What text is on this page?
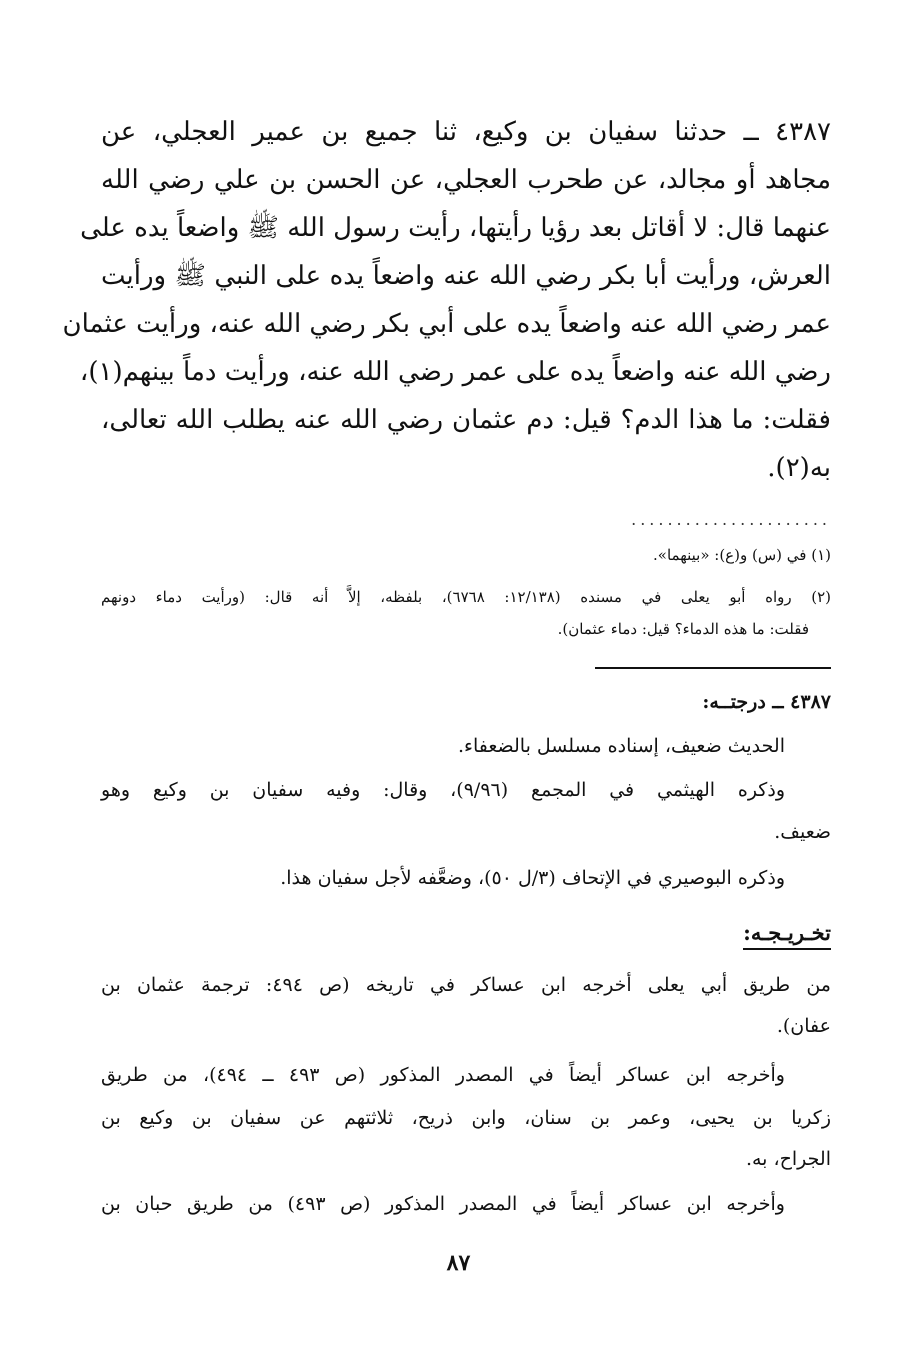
٤٣٨٧ ــ حدثنا سفيان بن وكيع، ثنا جميع بن عمير العجلي، عن
مجاهد أو مجالد، عن طحرب العجلي، عن الحسن بن علي رضي الله
عنهما قال: لا أقاتل بعد رؤيا رأيتها، رأيت رسول الله ﷺ واضعاً يده على
العرش، ورأيت أبا بكر رضي الله عنه واضعاً يده على النبي ﷺ ورأيت
عمر رضي الله عنه واضعاً يده على أبي بكر رضي الله عنه، ورأيت عثمان
رضي الله عنه واضعاً يده على عمر رضي الله عنه، ورأيت دماً بينهم(١)،
فقلت: ما هذا الدم؟ قيل: دم عثمان رضي الله عنه يطلب الله تعالى،
به(٢).
......................
(١) في (س) و(ع): «بينهما».
(٢) رواه أبو يعلى في مسنده (١٢/١٣٨: ٦٧٦٨)، بلفظه، إلاَّ أنه قال: (ورأيت دماء دونهم
فقلت: ما هذه الدماء؟ قيل: دماء عثمان).
٤٣٨٧ ــ درجتــه:
الحديث ضعيف، إسناده مسلسل بالضعفاء.
وذكره الهيثمي في المجمع (٩/٩٦)، وقال: وفيه سفيان بن وكيع وهو
ضعيف.
وذكره البوصيري في الإتحاف (٣/ل ٥٠)، وضعَّفه لأجل سفيان هذا.
تخـريـجـه:
من طريق أبي يعلى أخرجه ابن عساكر في تاريخه (ص ٤٩٤: ترجمة عثمان بن
عفان).
وأخرجه ابن عساكر أيضاً في المصدر المذكور (ص ٤٩٣ ــ ٤٩٤)، من طريق
زكريا بن يحيى، وعمر بن سنان، وابن ذريح، ثلاثتهم عن سفيان بن وكيع بن
الجراح، به.
وأخرجه ابن عساكر أيضاً في المصدر المذكور (ص ٤٩٣) من طريق حبان بن
٨٧
